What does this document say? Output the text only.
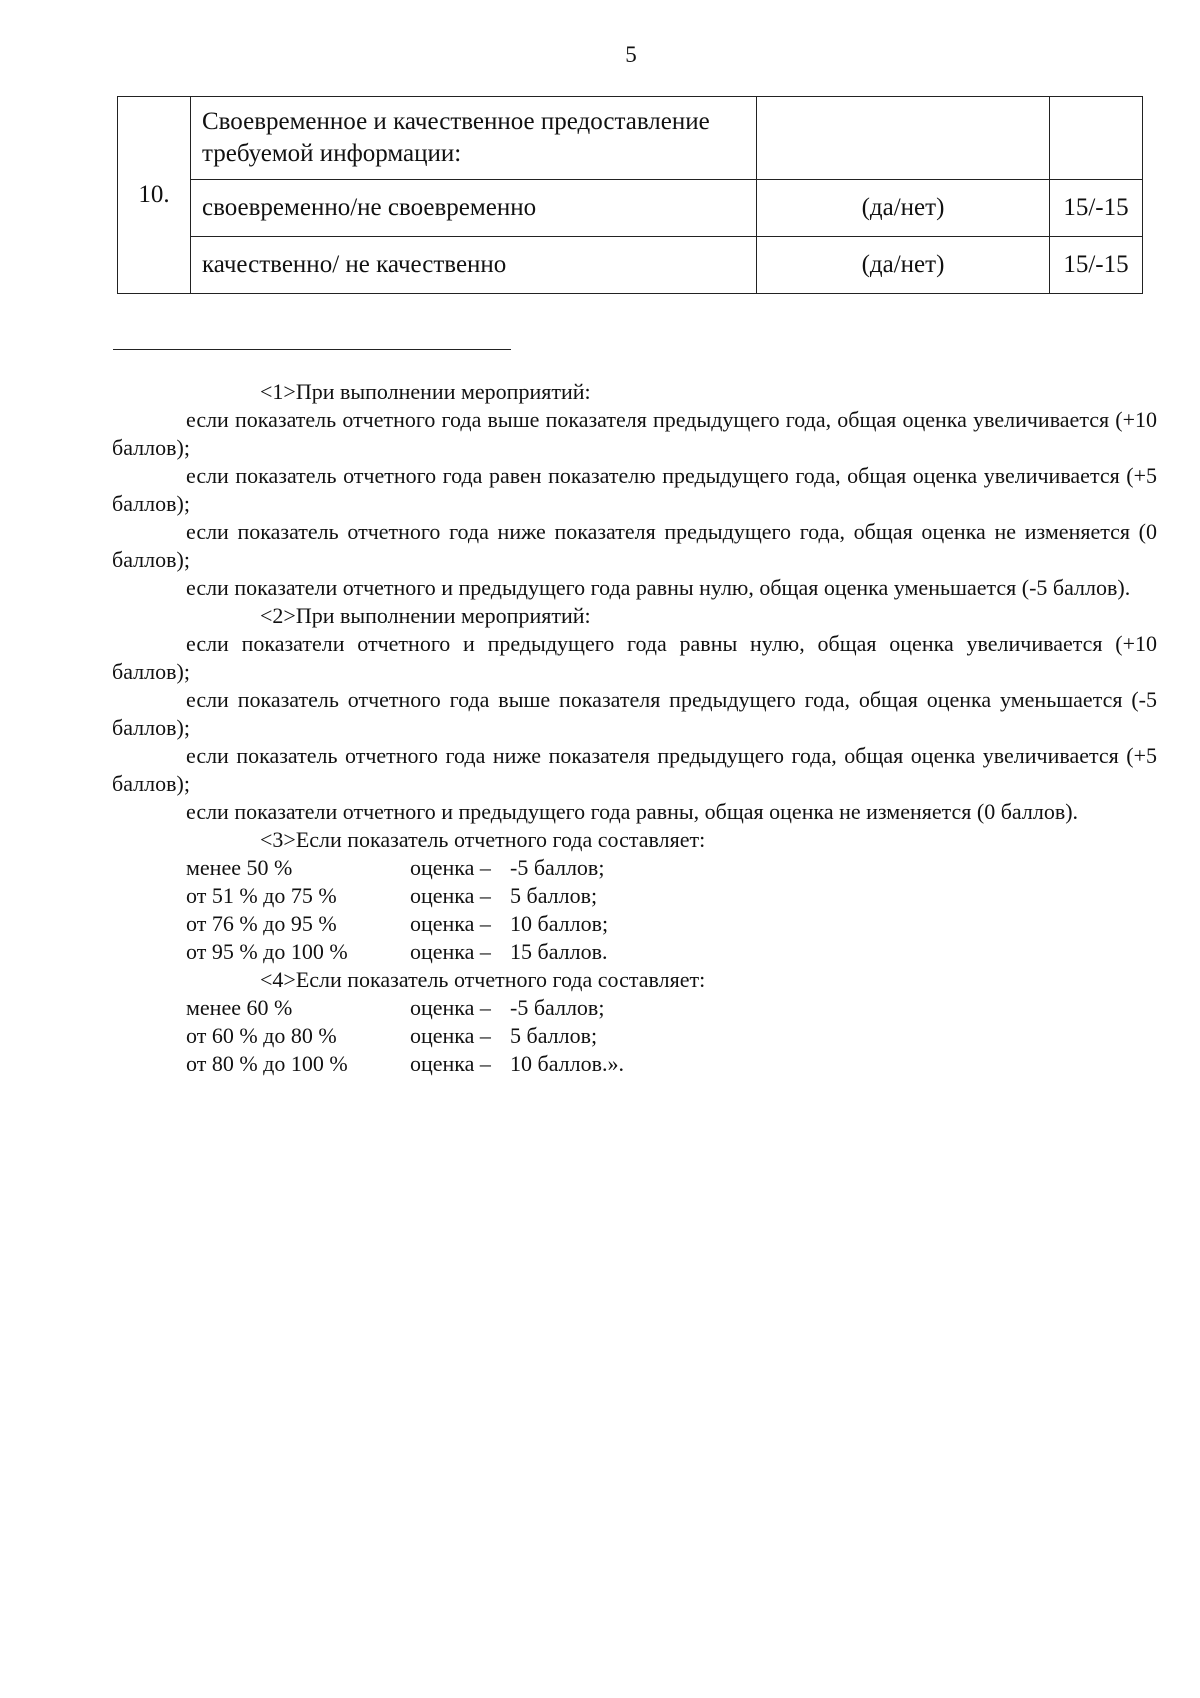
5
10.	Своевременное и качественное предоставление требуемой информации:		
	своевременно/не своевременно	(да/нет)	15/-15
	качественно/ не качественно	(да/нет)	15/-15

<1>При выполнении мероприятий:

если показатель отчетного года выше показателя предыдущего года, общая оценка увеличивается (+10 баллов);

если показатель отчетного года равен показателю предыдущего года, общая оценка увеличивается (+5 баллов);

если показатель отчетного года ниже показателя предыдущего года, общая оценка не изменяется (0 баллов);

если показатели отчетного и предыдущего года равны нулю, общая оценка уменьшается (-5 баллов).

<2>При выполнении мероприятий:

если показатели отчетного и предыдущего года равны нулю, общая оценка увеличивается (+10 баллов);

если показатель отчетного года выше показателя предыдущего года, общая оценка уменьшается (-5 баллов);

если показатель отчетного года ниже показателя предыдущего года, общая оценка увеличивается (+5 баллов);

если показатели отчетного и предыдущего года равны, общая оценка не изменяется (0 баллов).

<3>Если показатель отчетного года составляет:

менее 50 %	оценка – -5 баллов;
от 51 % до 75 %	оценка – 5 баллов;
от 76 % до 95 %	оценка – 10 баллов;
от 95 % до 100 %	оценка – 15 баллов.

<4>Если показатель отчетного года составляет:

менее 60 %	оценка – -5 баллов;
от 60 % до 80 %	оценка – 5 баллов;
от 80 % до 100 %	оценка – 10 баллов.».
